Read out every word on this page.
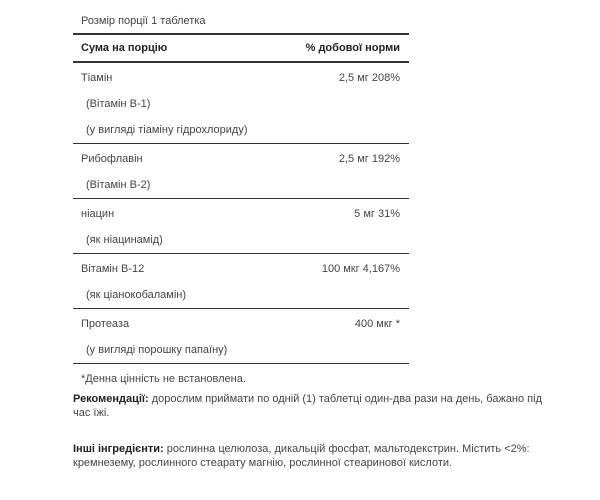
Розмір порції 1 таблетка
Сума на порцію	% добової норми
Тіамін	2,5 мг 208%
(Вітамін В-1)
(у вигляді тіаміну гідрохлориду)
Рибофлавін	2,5 мг 192%
(Вітамін В-2)
ніацин	5 мг 31%
(як ніацинамід)
Вітамін В-12	100 мкг 4,167%
(як ціанокобаламін)
Протеаза	400 мкг *
(у вигляді порошку папаїну)
*Денна цінність не встановлена.
Рекомендації: дорослим приймати по одній (1) таблетці один-два рази на день, бажано під час їжі.
Інші інгредієнти: рослинна целюлоза, дикальцій фосфат, мальтодекстрин. Містить <2%: кремнезему, рослинного стеарату магнію, рослинної стеаринової кислоти.
